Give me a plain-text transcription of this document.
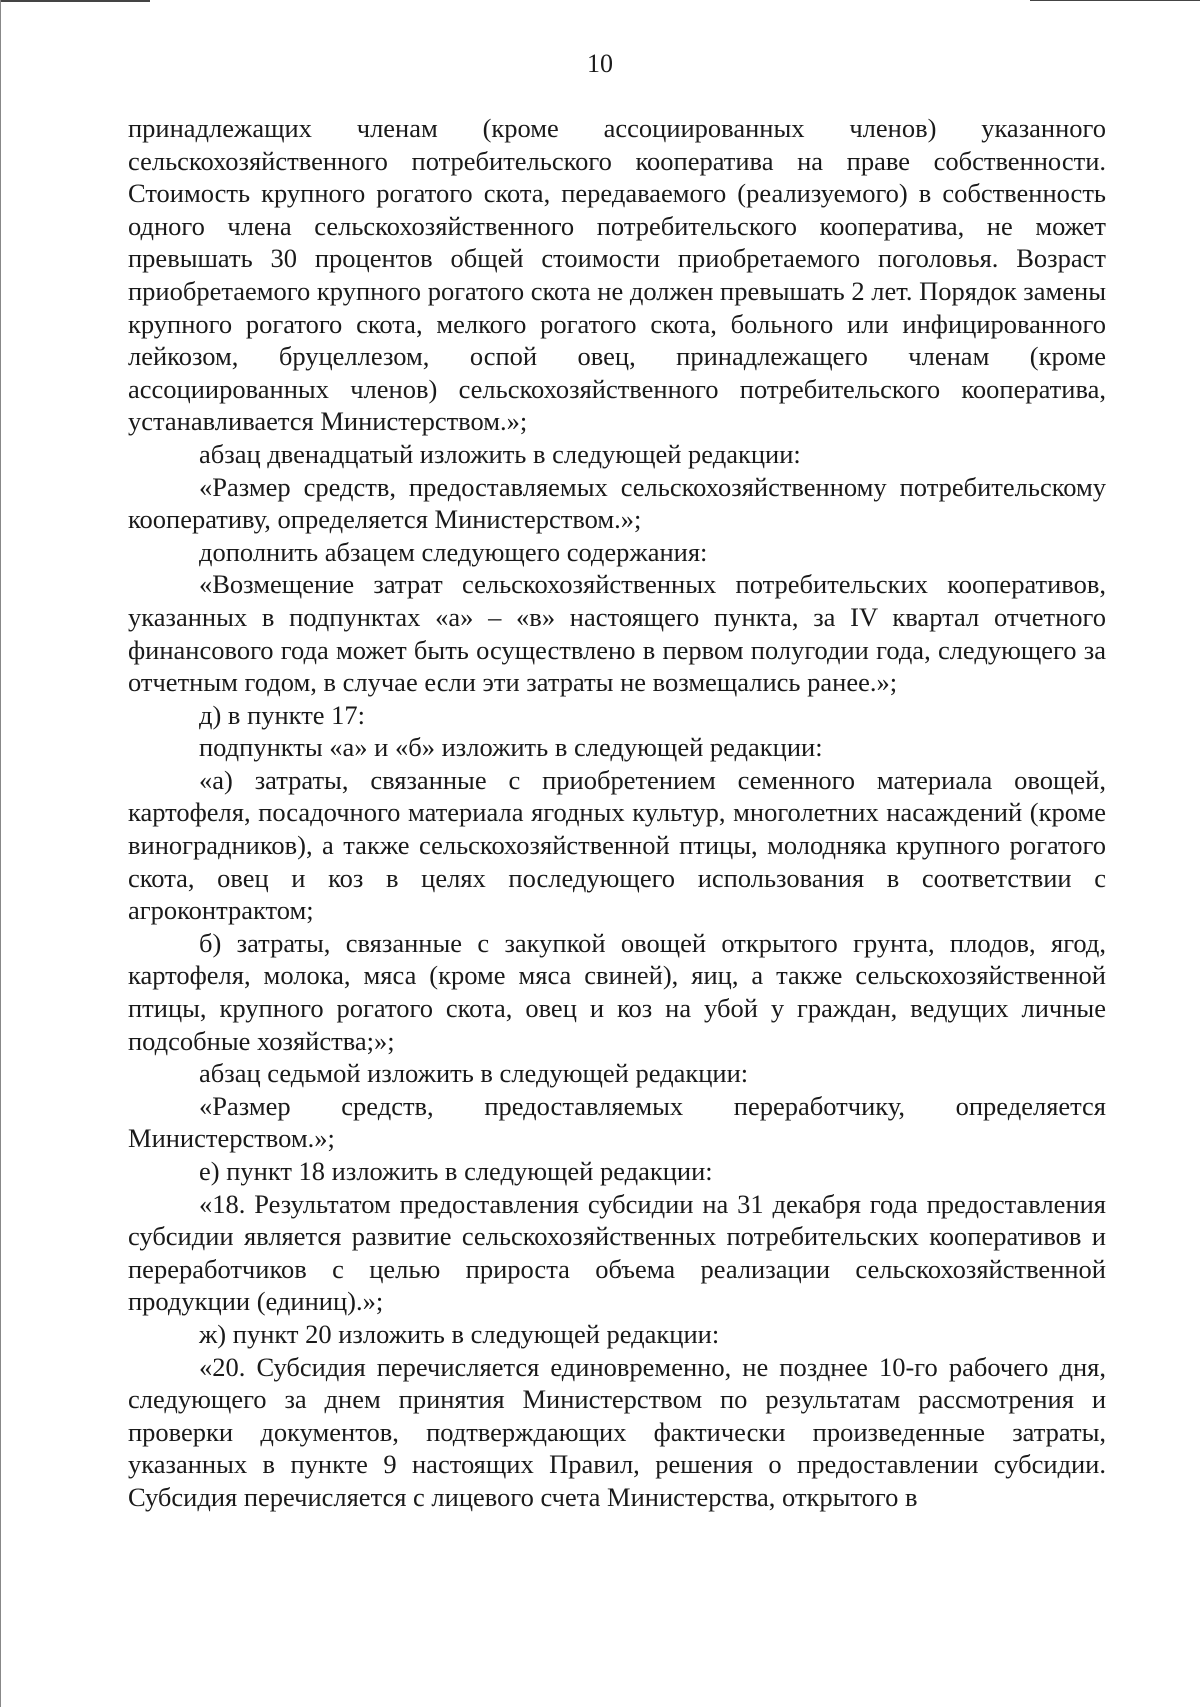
10

принадлежащих членам (кроме ассоциированных членов) указанного сельскохозяйственного потребительского кооператива на праве собственности. Стоимость крупного рогатого скота, передаваемого (реализуемого) в собственность одного члена сельскохозяйственного потребительского кооператива, не может превышать 30 процентов общей стоимости приобретаемого поголовья. Возраст приобретаемого крупного рогатого скота не должен превышать 2 лет. Порядок замены крупного рогатого скота, мелкого рогатого скота, больного или инфицированного лейкозом, бруцеллезом, оспой овец, принадлежащего членам (кроме ассоциированных членов) сельскохозяйственного потребительского кооператива, устанавливается Министерством.»;

абзац двенадцатый изложить в следующей редакции:

«Размер средств, предоставляемых сельскохозяйственному потребительскому кооперативу, определяется Министерством.»;

дополнить абзацем следующего содержания:

«Возмещение затрат сельскохозяйственных потребительских кооперативов, указанных в подпунктах «а» – «в» настоящего пункта, за IV квартал отчетного финансового года может быть осуществлено в первом полугодии года, следующего за отчетным годом, в случае если эти затраты не возмещались ранее.»;

д) в пункте 17:

подпункты «а» и «б» изложить в следующей редакции:

«а) затраты, связанные с приобретением семенного материала овощей, картофеля, посадочного материала ягодных культур, многолетних насаждений (кроме виноградников), а также сельскохозяйственной птицы, молодняка крупного рогатого скота, овец и коз в целях последующего использования в соответствии с агроконтрактом;

б) затраты, связанные с закупкой овощей открытого грунта, плодов, ягод, картофеля, молока, мяса (кроме мяса свиней), яиц, а также сельскохозяйственной птицы, крупного рогатого скота, овец и коз на убой у граждан, ведущих личные подсобные хозяйства;»;

абзац седьмой изложить в следующей редакции:

«Размер средств, предоставляемых переработчику, определяется Министерством.»;

е) пункт 18 изложить в следующей редакции:

«18. Результатом предоставления субсидии на 31 декабря года предоставления субсидии является развитие сельскохозяйственных потребительских кооперативов и переработчиков с целью прироста объема реализации сельскохозяйственной продукции (единиц).»;

ж) пункт 20 изложить в следующей редакции:

«20. Субсидия перечисляется единовременно, не позднее 10-го рабочего дня, следующего за днем принятия Министерством по результатам рассмотрения и проверки документов, подтверждающих фактически произведенные затраты, указанных в пункте 9 настоящих Правил, решения о предоставлении субсидии. Субсидия перечисляется с лицевого счета Министерства, открытого в
